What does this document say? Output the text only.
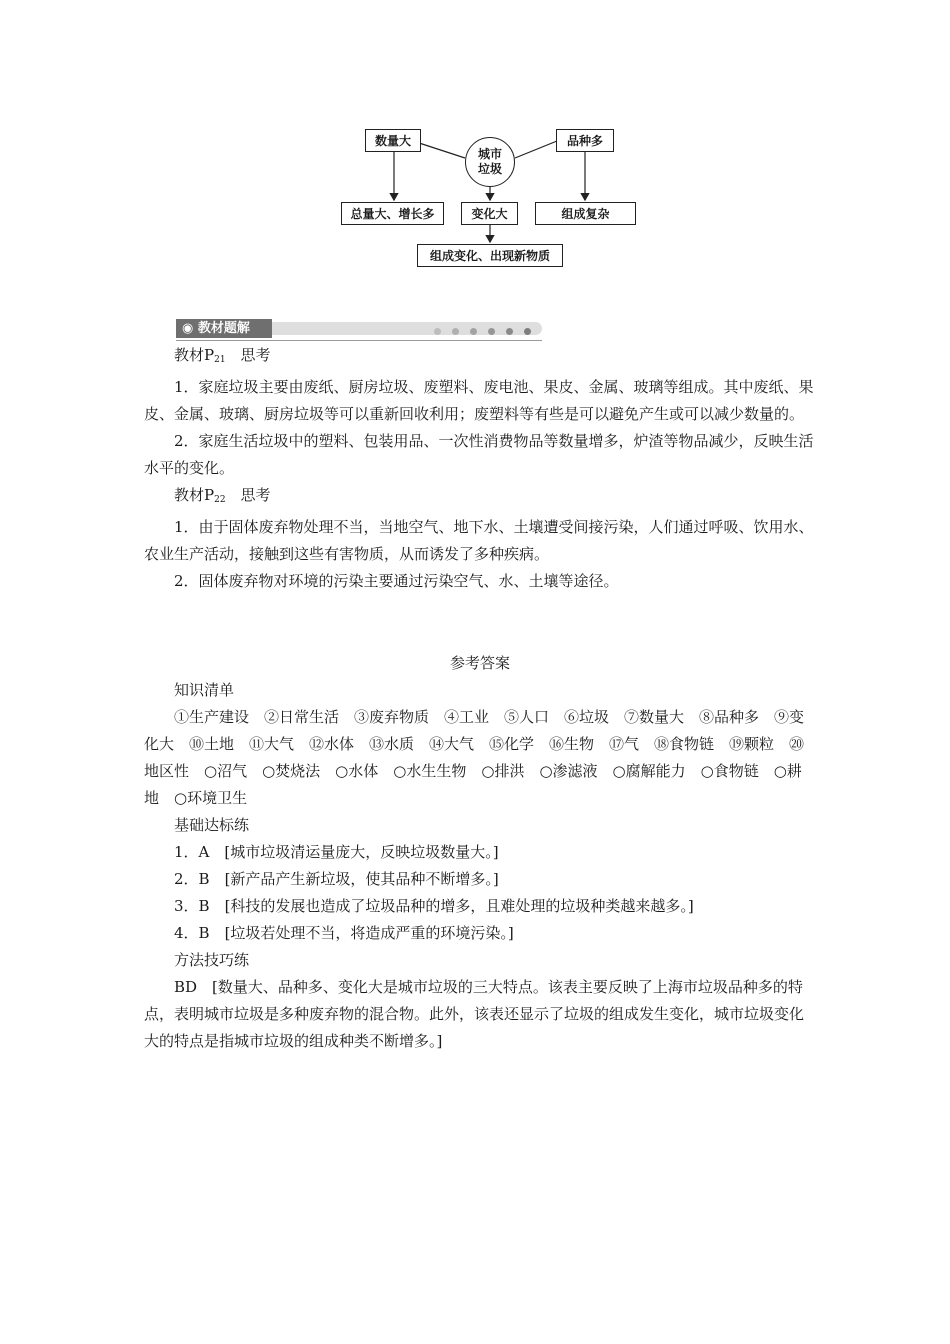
数量大
城市
垃圾
品种多
总量大、增长多	变化大	组成复杂
组成变化、出现新物质
◉ 教材题解

教材$P_{21}$　思考

1．家庭垃圾主要由废纸、厨房垃圾、废塑料、废电池、果皮、金属、玻璃等组成。其中废纸、果皮、金属、玻璃、厨房垃圾等可以重新回收利用；废塑料等有些是可以避免产生或可以减少数量的。

2．家庭生活垃圾中的塑料、包装用品、一次性消费物品等数量增多，炉渣等物品减少，反映生活水平的变化。

教材$P_{22}$　思考

1．由于固体废弃物处理不当，当地空气、地下水、土壤遭受间接污染，人们通过呼吸、饮用水、农业生产活动，接触到这些有害物质，从而诱发了多种疾病。

2．固体废弃物对环境的污染主要通过污染空气、水、土壤等途径。

参考答案

知识清单

①生产建设　②日常生活　③废弃物质　④工业　⑤人口　⑥垃圾　⑦数量大　⑧品种多　⑨变化大　⑩土地　⑪大气　⑫水体　⑬水质　⑭大气　⑮化学　⑯生物　⑰气　⑱食物链　⑲颗粒　⑳地区性　○沼气　○焚烧法　○水体　○水生生物　○排洪　○渗滤液　○腐解能力　○食物链　○耕地　○环境卫生

基础达标练

1．A　[城市垃圾清运量庞大，反映垃圾数量大。]

2．B　[新产品产生新垃圾，使其品种不断增多。]

3．B　[科技的发展也造成了垃圾品种的增多，且难处理的垃圾种类越来越多。]

4．B　[垃圾若处理不当，将造成严重的环境污染。]

方法技巧练

BD　[数量大、品种多、变化大是城市垃圾的三大特点。该表主要反映了上海市垃圾品种多的特点，表明城市垃圾是多种废弃物的混合物。此外，该表还显示了垃圾的组成发生变化，城市垃圾变化大的特点是指城市垃圾的组成种类不断增多。]
